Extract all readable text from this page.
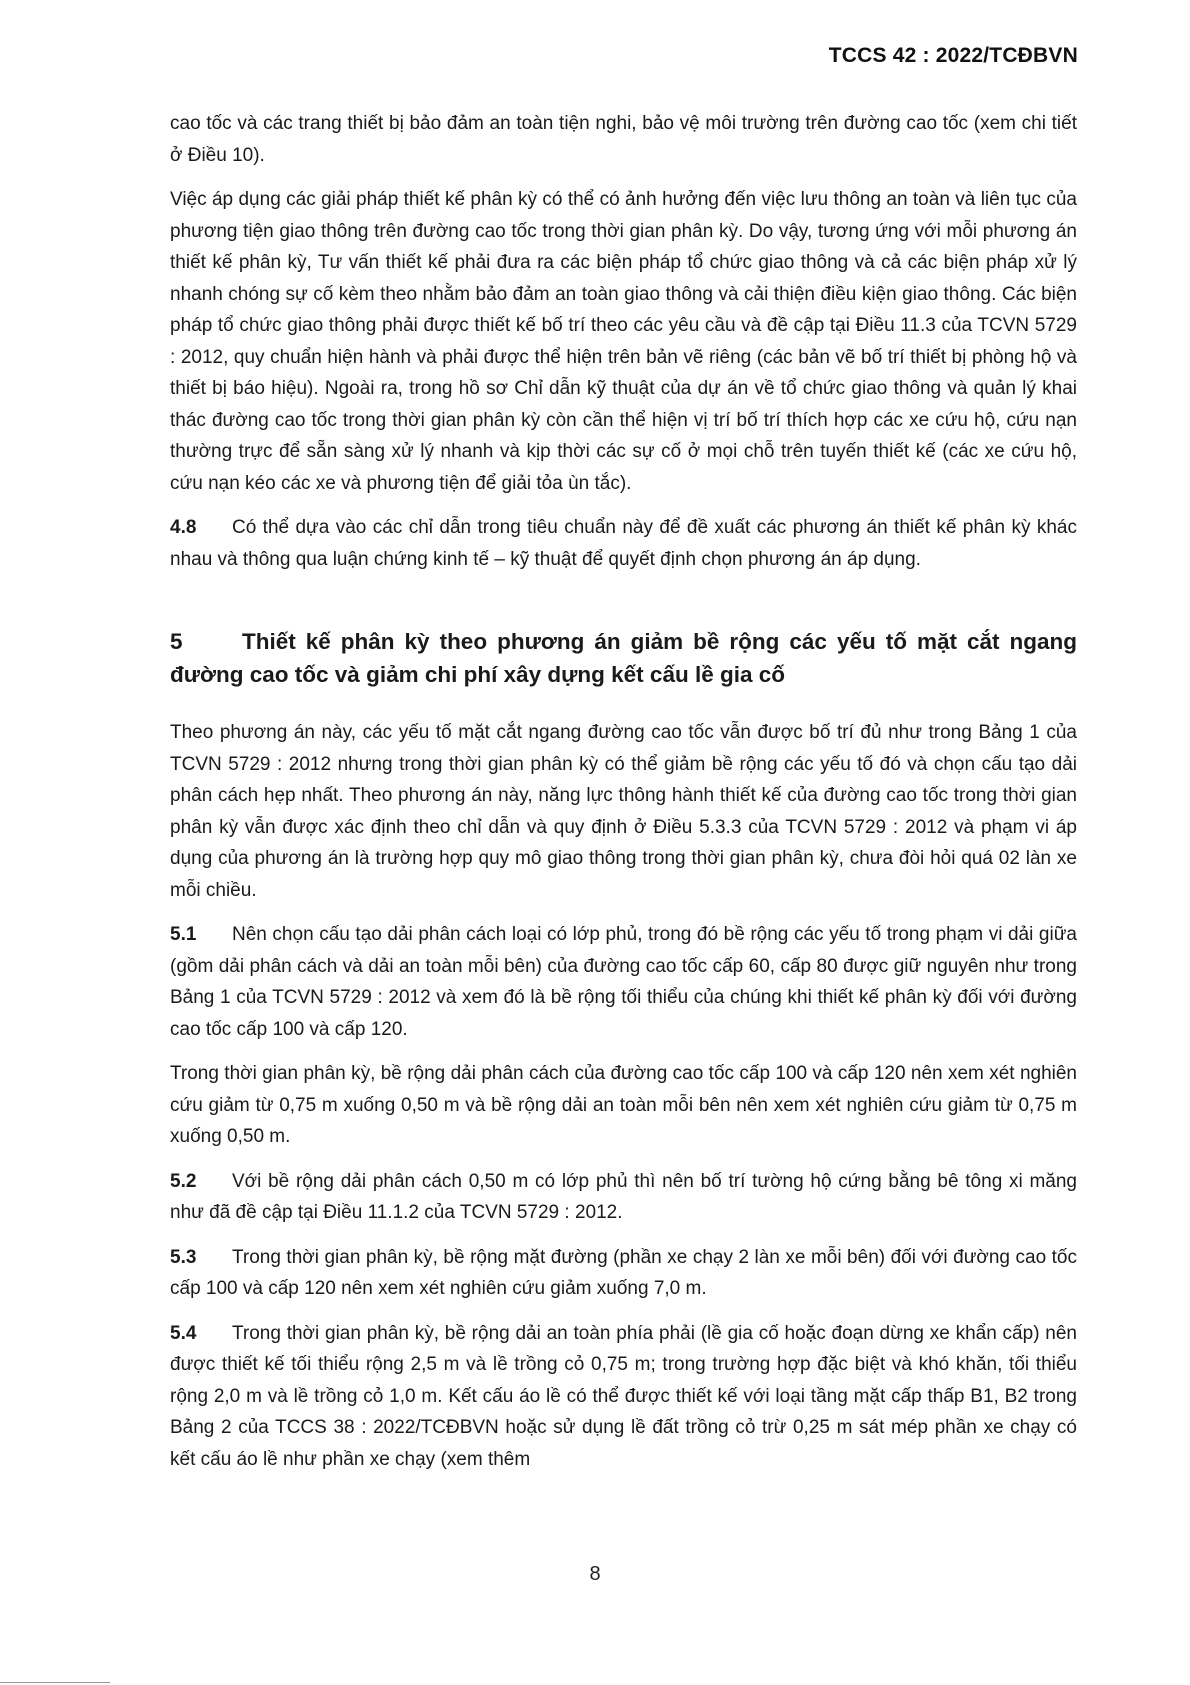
TCCS 42 : 2022/TCĐBVN

cao tốc và các trang thiết bị bảo đảm an toàn tiện nghi, bảo vệ môi trường trên đường cao tốc (xem chi tiết ở Điều 10).

Việc áp dụng các giải pháp thiết kế phân kỳ có thể có ảnh hưởng đến việc lưu thông an toàn và liên tục của phương tiện giao thông trên đường cao tốc trong thời gian phân kỳ. Do vậy, tương ứng với mỗi phương án thiết kế phân kỳ, Tư vấn thiết kế phải đưa ra các biện pháp tổ chức giao thông và cả các biện pháp xử lý nhanh chóng sự cố kèm theo nhằm bảo đảm an toàn giao thông và cải thiện điều kiện giao thông. Các biện pháp tổ chức giao thông phải được thiết kế bố trí theo các yêu cầu và đề cập tại Điều 11.3 của TCVN 5729 : 2012, quy chuẩn hiện hành và phải được thể hiện trên bản vẽ riêng (các bản vẽ bố trí thiết bị phòng hộ và thiết bị báo hiệu). Ngoài ra, trong hồ sơ Chỉ dẫn kỹ thuật của dự án về tổ chức giao thông và quản lý khai thác đường cao tốc trong thời gian phân kỳ còn cần thể hiện vị trí bố trí thích hợp các xe cứu hộ, cứu nạn thường trực để sẵn sàng xử lý nhanh và kịp thời các sự cố ở mọi chỗ trên tuyến thiết kế (các xe cứu hộ, cứu nạn kéo các xe và phương tiện để giải tỏa ùn tắc).

4.8 Có thể dựa vào các chỉ dẫn trong tiêu chuẩn này để đề xuất các phương án thiết kế phân kỳ khác nhau và thông qua luận chứng kinh tế – kỹ thuật để quyết định chọn phương án áp dụng.

5	Thiết kế phân kỳ theo phương án giảm bề rộng các yếu tố mặt cắt ngang đường cao tốc và giảm chi phí xây dựng kết cấu lề gia cố

Theo phương án này, các yếu tố mặt cắt ngang đường cao tốc vẫn được bố trí đủ như trong Bảng 1 của TCVN 5729 : 2012 nhưng trong thời gian phân kỳ có thể giảm bề rộng các yếu tố đó và chọn cấu tạo dải phân cách hẹp nhất. Theo phương án này, năng lực thông hành thiết kế của đường cao tốc trong thời gian phân kỳ vẫn được xác định theo chỉ dẫn và quy định ở Điều 5.3.3 của TCVN 5729 : 2012 và phạm vi áp dụng của phương án là trường hợp quy mô giao thông trong thời gian phân kỳ, chưa đòi hỏi quá 02 làn xe mỗi chiều.

5.1 Nên chọn cấu tạo dải phân cách loại có lớp phủ, trong đó bề rộng các yếu tố trong phạm vi dải giữa (gồm dải phân cách và dải an toàn mỗi bên) của đường cao tốc cấp 60, cấp 80 được giữ nguyên như trong Bảng 1 của TCVN 5729 : 2012 và xem đó là bề rộng tối thiểu của chúng khi thiết kế phân kỳ đối với đường cao tốc cấp 100 và cấp 120.

Trong thời gian phân kỳ, bề rộng dải phân cách của đường cao tốc cấp 100 và cấp 120 nên xem xét nghiên cứu giảm từ 0,75 m xuống 0,50 m và bề rộng dải an toàn mỗi bên nên xem xét nghiên cứu giảm từ 0,75 m xuống 0,50 m.

5.2 Với bề rộng dải phân cách 0,50 m có lớp phủ thì nên bố trí tường hộ cứng bằng bê tông xi măng như đã đề cập tại Điều 11.1.2 của TCVN 5729 : 2012.

5.3 Trong thời gian phân kỳ, bề rộng mặt đường (phần xe chạy 2 làn xe mỗi bên) đối với đường cao tốc cấp 100 và cấp 120 nên xem xét nghiên cứu giảm xuống 7,0 m.

5.4 Trong thời gian phân kỳ, bề rộng dải an toàn phía phải (lề gia cố hoặc đoạn dừng xe khẩn cấp) nên được thiết kế tối thiểu rộng 2,5 m và lề trồng cỏ 0,75 m; trong trường hợp đặc biệt và khó khăn, tối thiểu rộng 2,0 m và lề trồng cỏ 1,0 m. Kết cấu áo lề có thể được thiết kế với loại tầng mặt cấp thấp B1, B2 trong Bảng 2 của TCCS 38 : 2022/TCĐBVN hoặc sử dụng lề đất trồng cỏ trừ 0,25 m sát mép phần xe chạy có kết cấu áo lề như phần xe chạy (xem thêm

8
